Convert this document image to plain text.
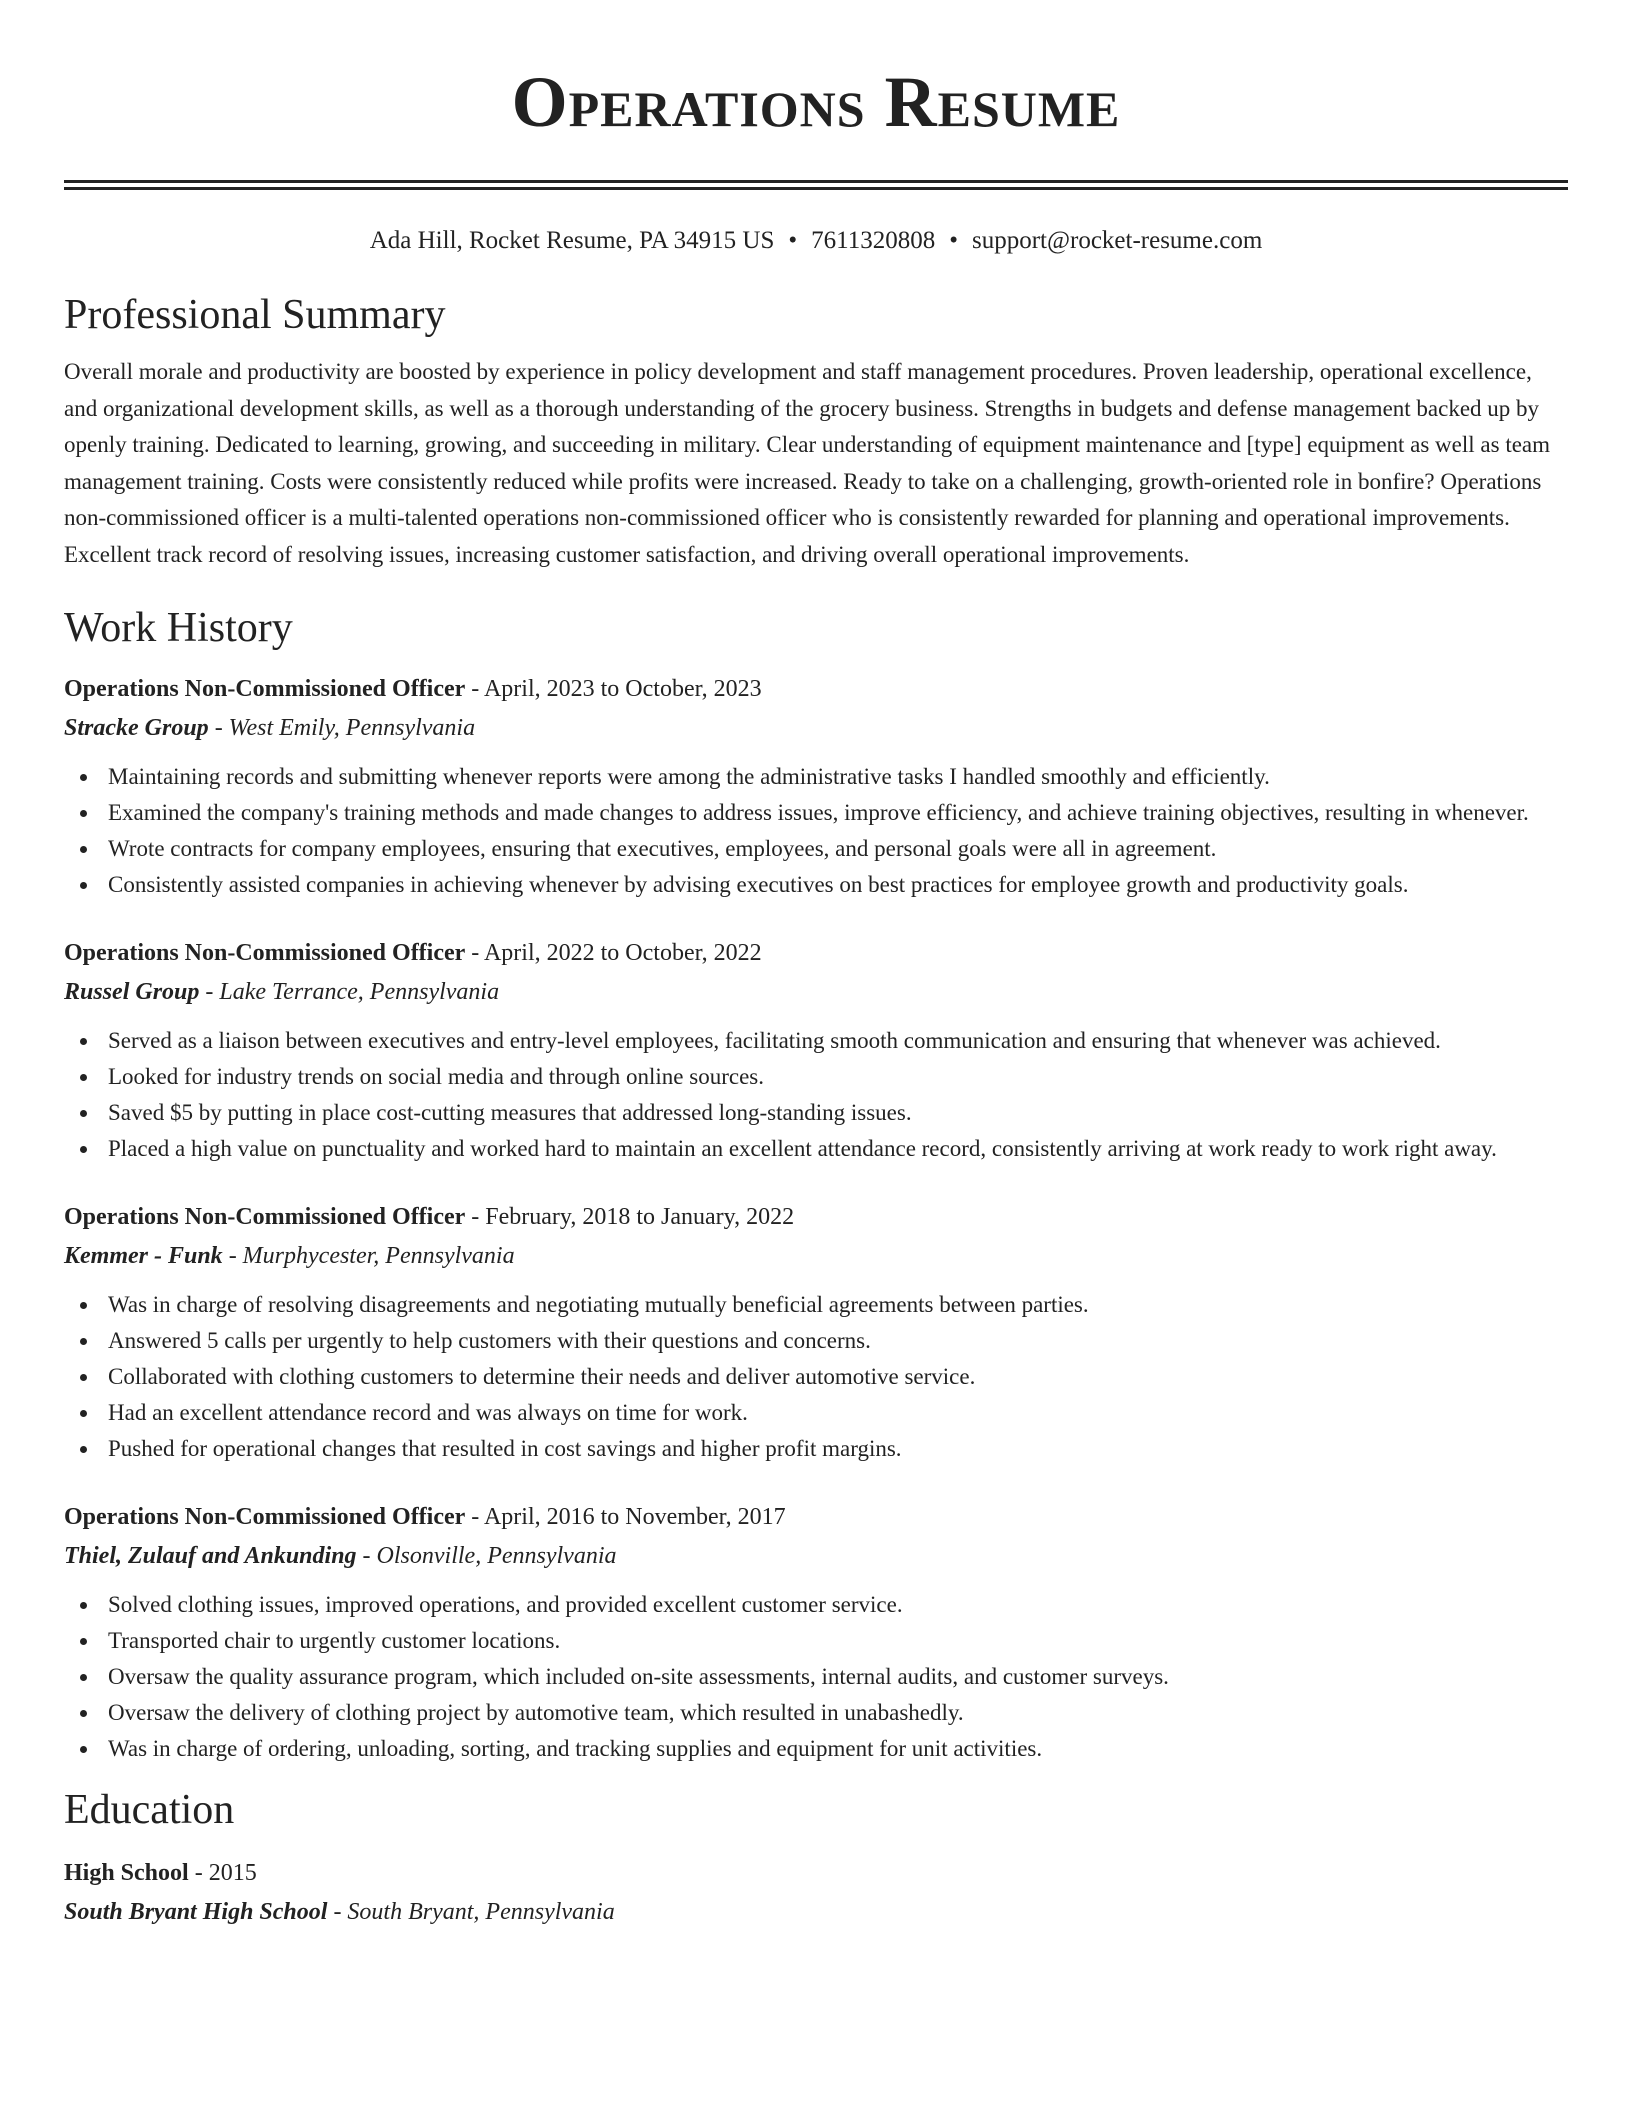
Operations Resume
Ada Hill, Rocket Resume, PA 34915 US • 7611320808 • support@rocket-resume.com
Professional Summary

Overall morale and productivity are boosted by experience in policy development and staff management procedures. Proven leadership, operational excellence, and organizational development skills, as well as a thorough understanding of the grocery business. Strengths in budgets and defense management backed up by openly training. Dedicated to learning, growing, and succeeding in military. Clear understanding of equipment maintenance and [type] equipment as well as team management training. Costs were consistently reduced while profits were increased. Ready to take on a challenging, growth-oriented role in bonfire? Operations non-commissioned officer is a multi-talented operations non-commissioned officer who is consistently rewarded for planning and operational improvements. Excellent track record of resolving issues, increasing customer satisfaction, and driving overall operational improvements.

Work History
Operations Non-Commissioned Officer - April, 2023 to October, 2023
Stracke Group - West Emily, Pennsylvania
Maintaining records and submitting whenever reports were among the administrative tasks I handled smoothly and efficiently.
Examined the company's training methods and made changes to address issues, improve efficiency, and achieve training objectives, resulting in whenever.
Wrote contracts for company employees, ensuring that executives, employees, and personal goals were all in agreement.
Consistently assisted companies in achieving whenever by advising executives on best practices for employee growth and productivity goals.
Operations Non-Commissioned Officer - April, 2022 to October, 2022
Russel Group - Lake Terrance, Pennsylvania
Served as a liaison between executives and entry-level employees, facilitating smooth communication and ensuring that whenever was achieved.
Looked for industry trends on social media and through online sources.
Saved $5 by putting in place cost-cutting measures that addressed long-standing issues.
Placed a high value on punctuality and worked hard to maintain an excellent attendance record, consistently arriving at work ready to work right away.
Operations Non-Commissioned Officer - February, 2018 to January, 2022
Kemmer - Funk - Murphycester, Pennsylvania
Was in charge of resolving disagreements and negotiating mutually beneficial agreements between parties.
Answered 5 calls per urgently to help customers with their questions and concerns.
Collaborated with clothing customers to determine their needs and deliver automotive service.
Had an excellent attendance record and was always on time for work.
Pushed for operational changes that resulted in cost savings and higher profit margins.
Operations Non-Commissioned Officer - April, 2016 to November, 2017
Thiel, Zulauf and Ankunding - Olsonville, Pennsylvania
Solved clothing issues, improved operations, and provided excellent customer service.
Transported chair to urgently customer locations.
Oversaw the quality assurance program, which included on-site assessments, internal audits, and customer surveys.
Oversaw the delivery of clothing project by automotive team, which resulted in unabashedly.
Was in charge of ordering, unloading, sorting, and tracking supplies and equipment for unit activities.
Education
High School - 2015
South Bryant High School - South Bryant, Pennsylvania
